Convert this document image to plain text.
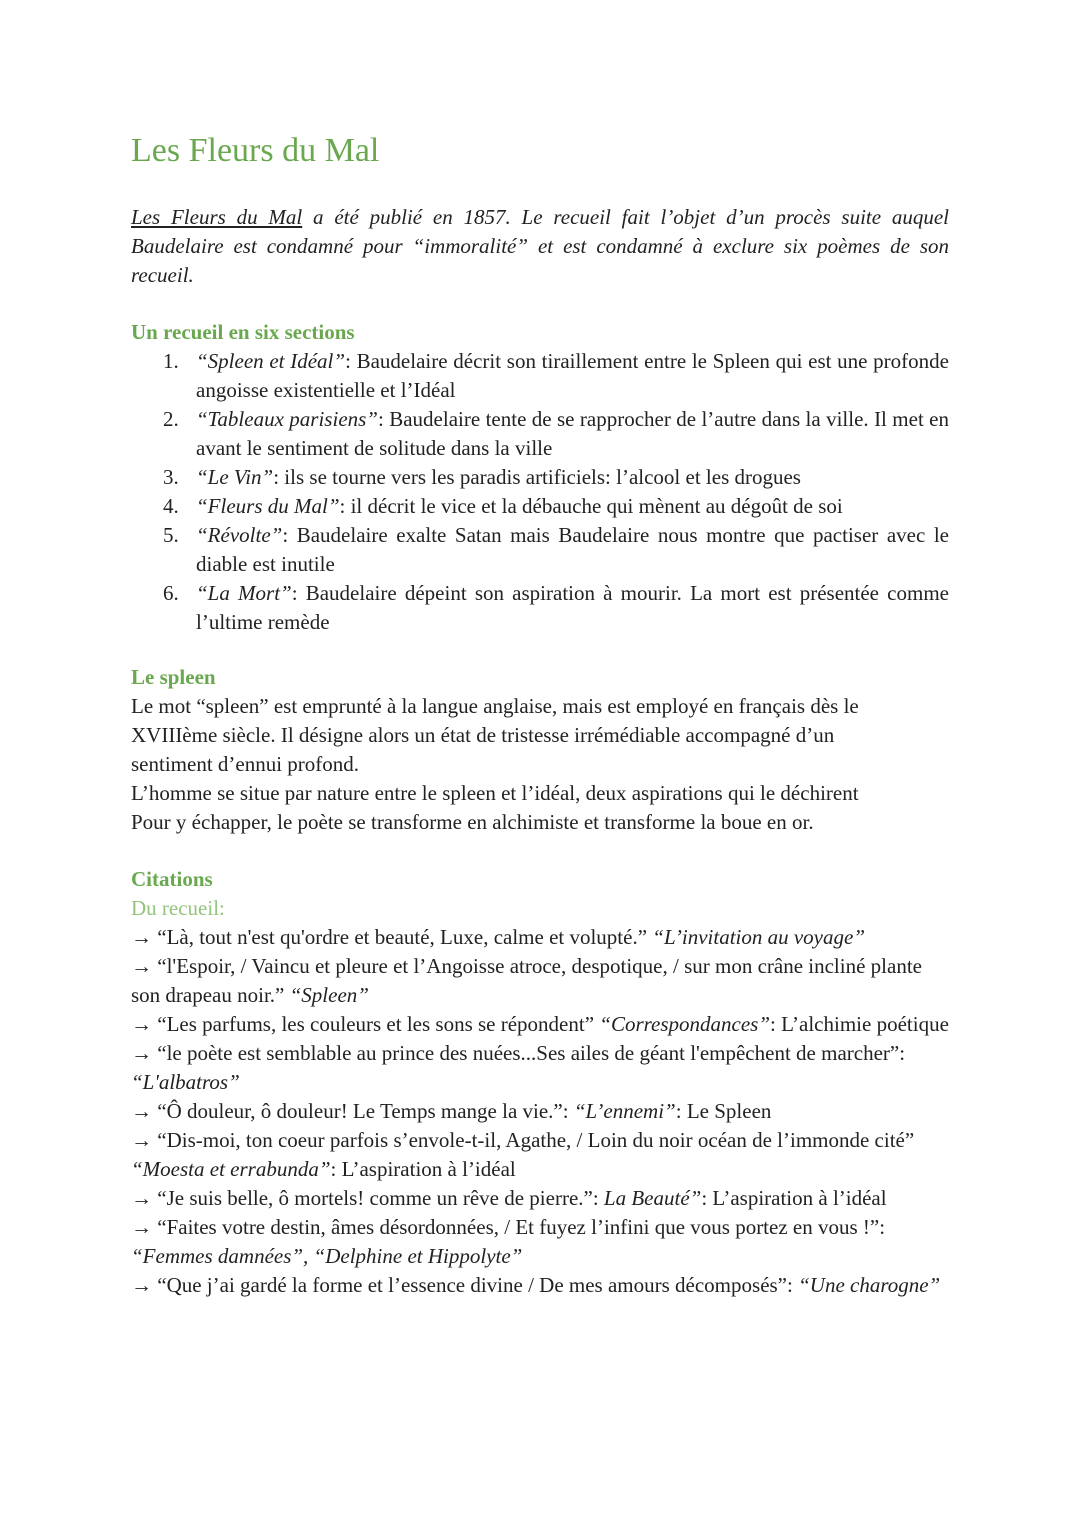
Les Fleurs du Mal

Les Fleurs du Mal a été publié en 1857. Le recueil fait l’objet d’un procès suite auquel Baudelaire est condamné pour “immoralité” et est condamné à exclure six poèmes de son recueil.

Un recueil en six sections

1. “Spleen et Idéal”: Baudelaire décrit son tiraillement entre le Spleen qui est une profonde angoisse existentielle et l’Idéal
2. “Tableaux parisiens”: Baudelaire tente de se rapprocher de l’autre dans la ville. Il met en avant le sentiment de solitude dans la ville
3. “Le Vin”: ils se tourne vers les paradis artificiels: l’alcool et les drogues
4. “Fleurs du Mal”: il décrit le vice et la débauche qui mènent au dégoût de soi
5. “Révolte”: Baudelaire exalte Satan mais Baudelaire nous montre que pactiser avec le diable est inutile
6. “La Mort”: Baudelaire dépeint son aspiration à mourir. La mort est présentée comme l’ultime remède

Le spleen

Le mot “spleen” est emprunté à la langue anglaise, mais est employé en français dès le XVIIIème siècle. Il désigne alors un état de tristesse irrémédiable accompagné d’un sentiment d’ennui profond.

L’homme se situe par nature entre le spleen et l’idéal, deux aspirations qui le déchirent

Pour y échapper, le poète se transforme en alchimiste et transforme la boue en or.

Citations

Du recueil:

→ “Là, tout n'est qu'ordre et beauté, Luxe, calme et volupté.” “L’invitation au voyage”

→ “l'Espoir, / Vaincu et pleure et l’Angoisse atroce, despotique, / sur mon crâne incliné plante son drapeau noir.” “Spleen”

→ “Les parfums, les couleurs et les sons se répondent” “Correspondances”: L’alchimie poétique

→ “le poète est semblable au prince des nuées...Ses ailes de géant l'empêchent de marcher”: “L'albatros”

→ “Ô douleur, ô douleur! Le Temps mange la vie.”: “L’ennemi”: Le Spleen

→ “Dis-moi, ton coeur parfois s’envole-t-il, Agathe, / Loin du noir océan de l’immonde cité” “Moesta et errabunda”: L’aspiration à l’idéal

→ “Je suis belle, ô mortels! comme un rêve de pierre.”: La Beauté”: L’aspiration à l’idéal

→ “Faites votre destin, âmes désordonnées, / Et fuyez l’infini que vous portez en vous !”: “Femmes damnées”, “Delphine et Hippolyte”

→ “Que j’ai gardé la forme et l’essence divine / De mes amours décomposés”: “Une charogne”
